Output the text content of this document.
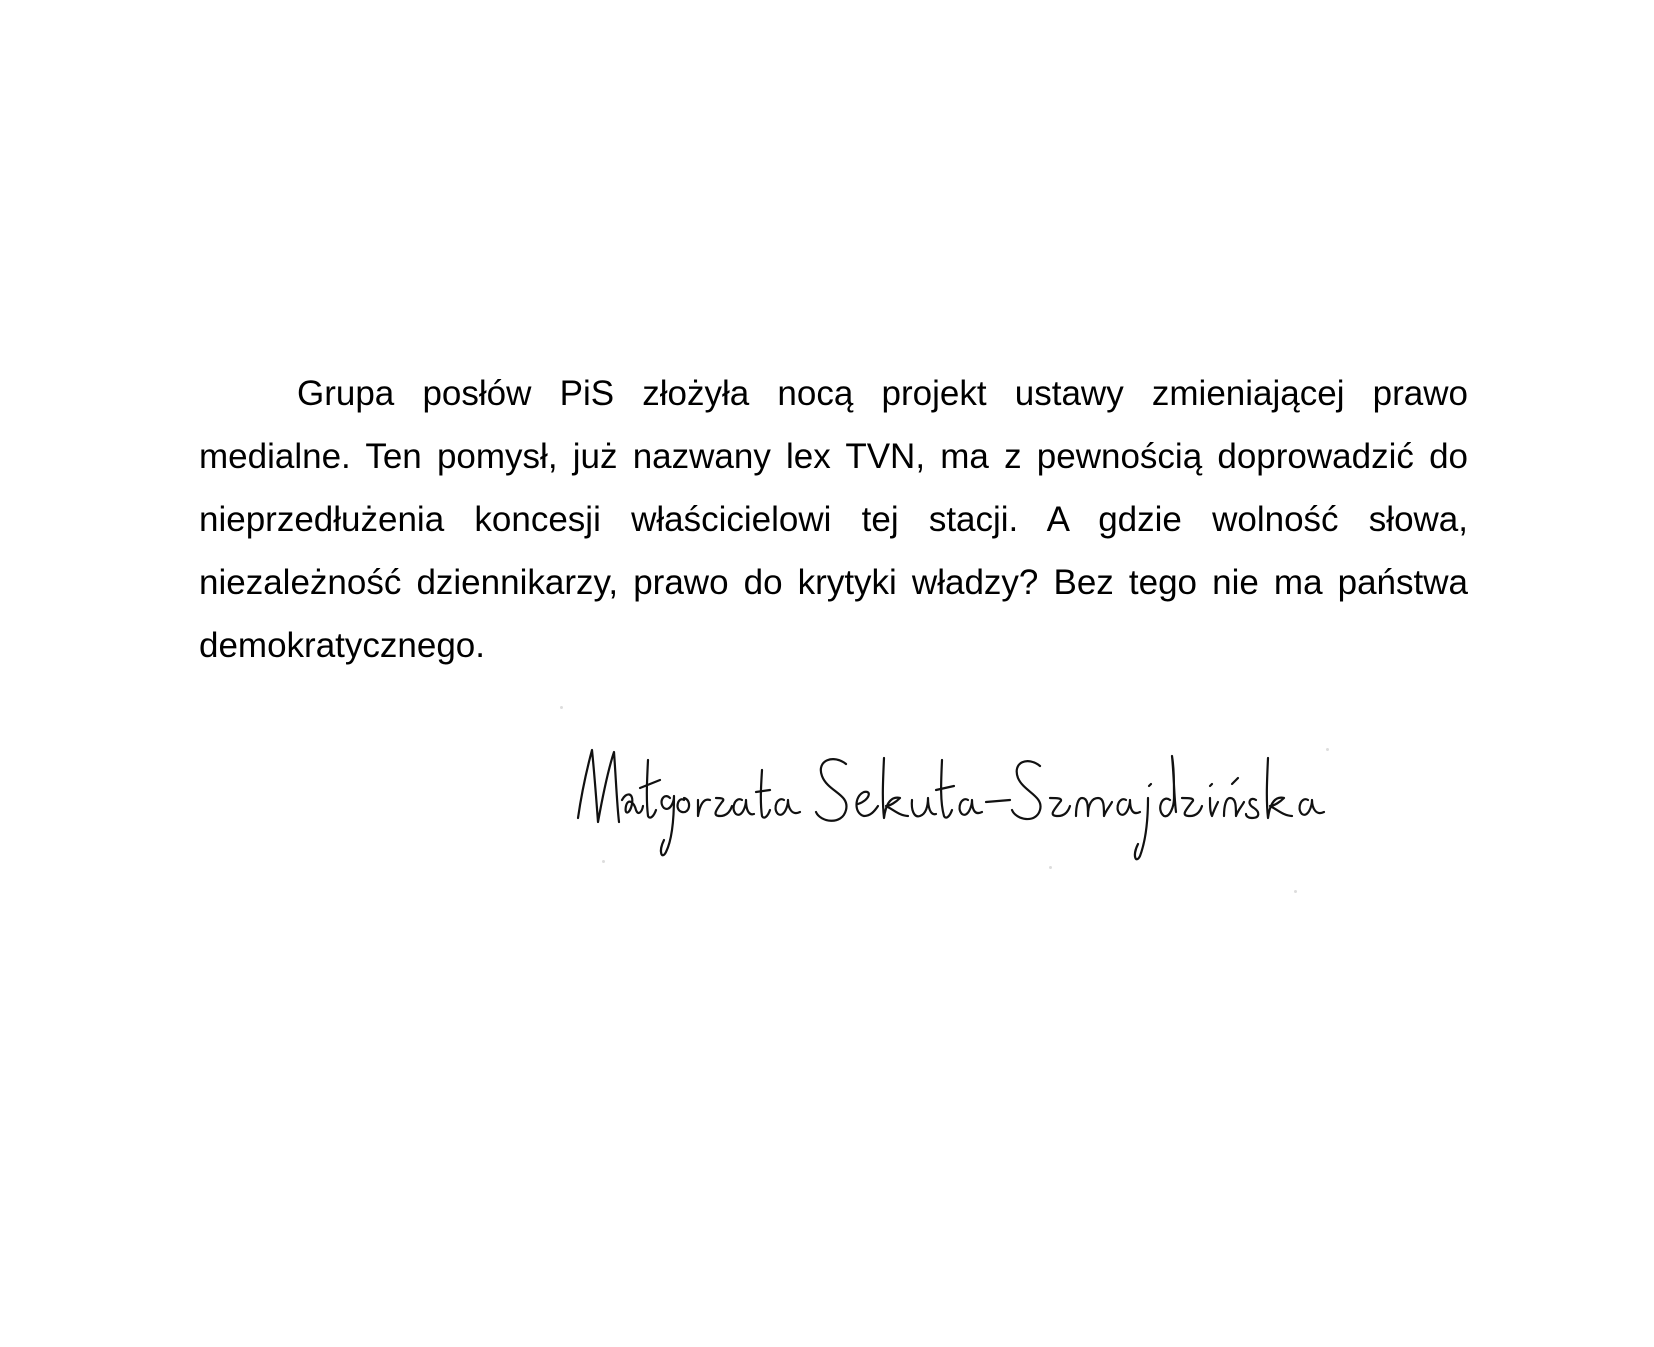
Grupa posłów PiS złożyła nocą projekt ustawy zmieniającej prawo medialne. Ten pomysł, już nazwany lex TVN, ma z pewnością doprowadzić do nieprzedłużenia koncesji właścicielowi tej stacji. A gdzie wolność słowa, niezależność dziennikarzy, prawo do krytyki władzy? Bez tego nie ma państwa demokratycznego.
